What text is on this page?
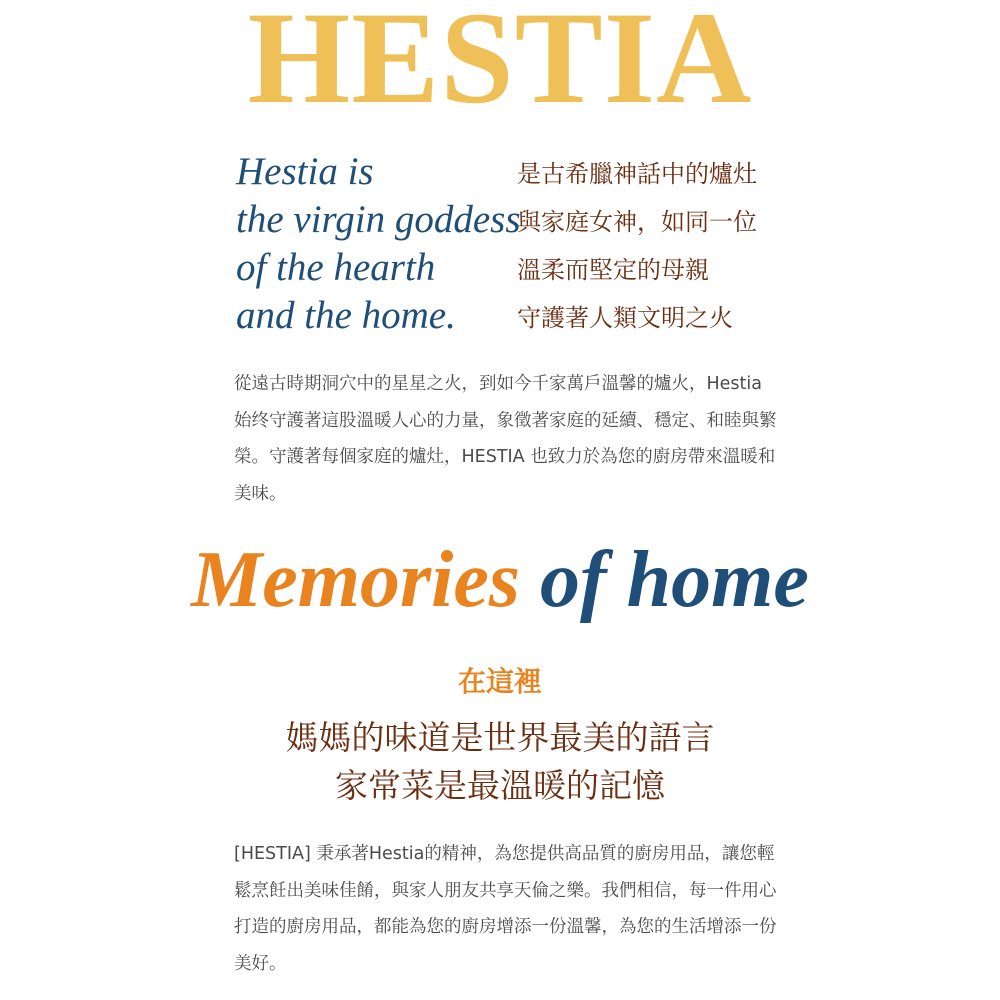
HESTIA
Hestia is
the virgin goddess
of the hearth
and the home.
是古希臘神話中的爐灶
與家庭女神，如同一位
溫柔而堅定的母親
守護著人類文明之火

從遠古時期洞穴中的星星之火，到如今千家萬戶溫馨的爐火，Hestia始终守護著這股溫暖人心的力量，象徵著家庭的延續、穩定、和睦與繁榮。守護著每個家庭的爐灶，HESTIA 也致力於為您的廚房帶來溫暖和美味。

Memories of home
在這裡

媽媽的味道是世界最美的語言

家常菜是最溫暖的記憶

[HESTIA] 秉承著Hestia的精神，為您提供高品質的廚房用品，讓您輕鬆烹飪出美味佳餚，與家人朋友共享天倫之樂。我們相信，每一件用心打造的廚房用品，都能為您的廚房增添一份溫馨，為您的生活增添一份美好。
